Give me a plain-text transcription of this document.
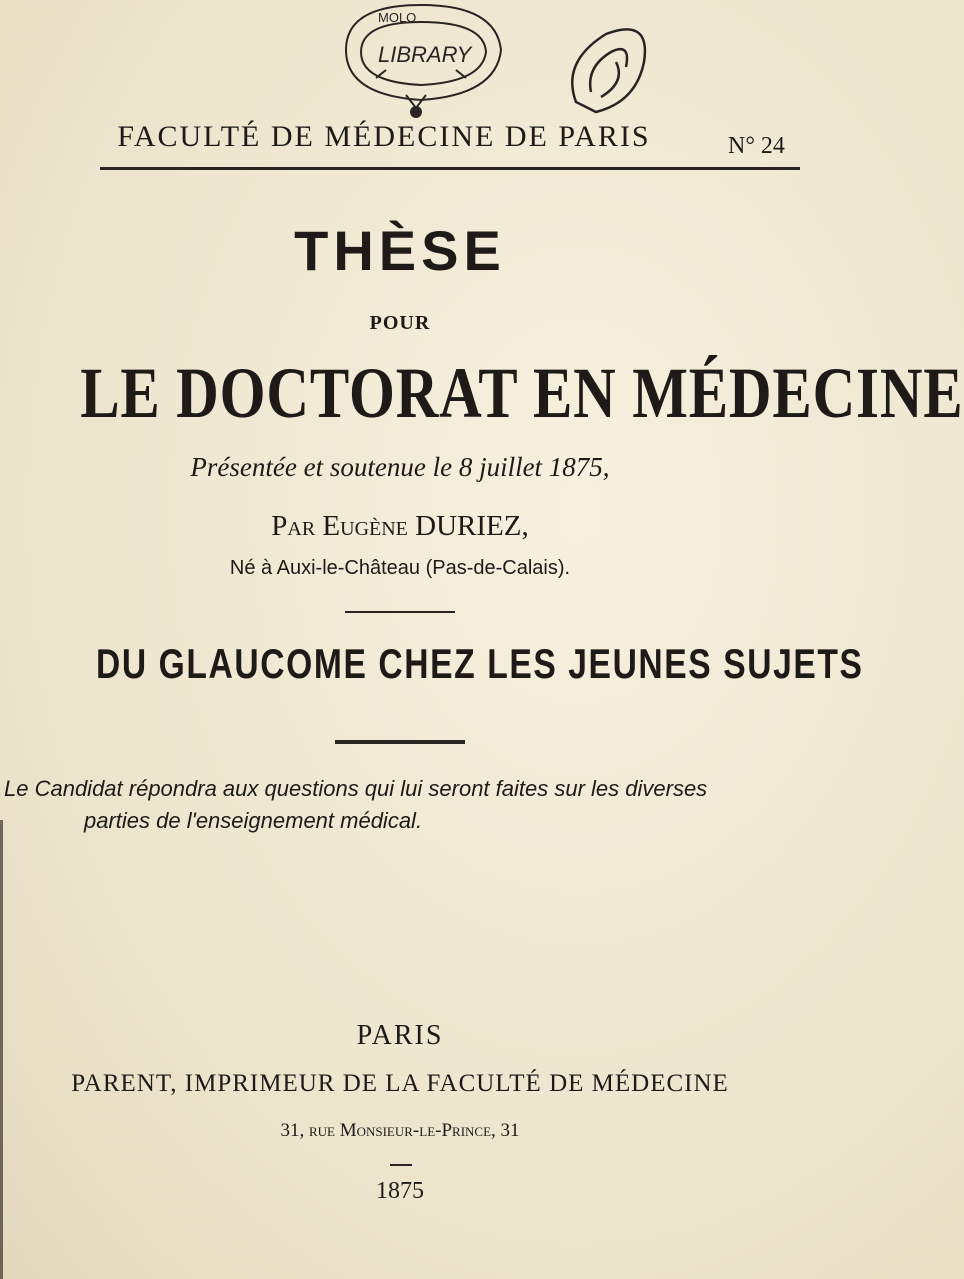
MOLO
LIBRARY
FACULTÉ DE MÉDECINE DE PARIS	N° 24
THÈSE
POUR
LE DOCTORAT EN MÉDECINE
Présentée et soutenue le 8 juillet 1875,
Par Eugène DURIEZ,
Né à Auxi-le-Château (Pas-de-Calais).
DU GLAUCOME CHEZ LES JEUNES SUJETS
Le Candidat répondra aux questions qui lui seront faites sur les diverses
parties de l'enseignement médical.
PARIS
PARENT, IMPRIMEUR DE LA FACULTÉ DE MÉDECINE
31, rue Monsieur-le-Prince, 31
1875
